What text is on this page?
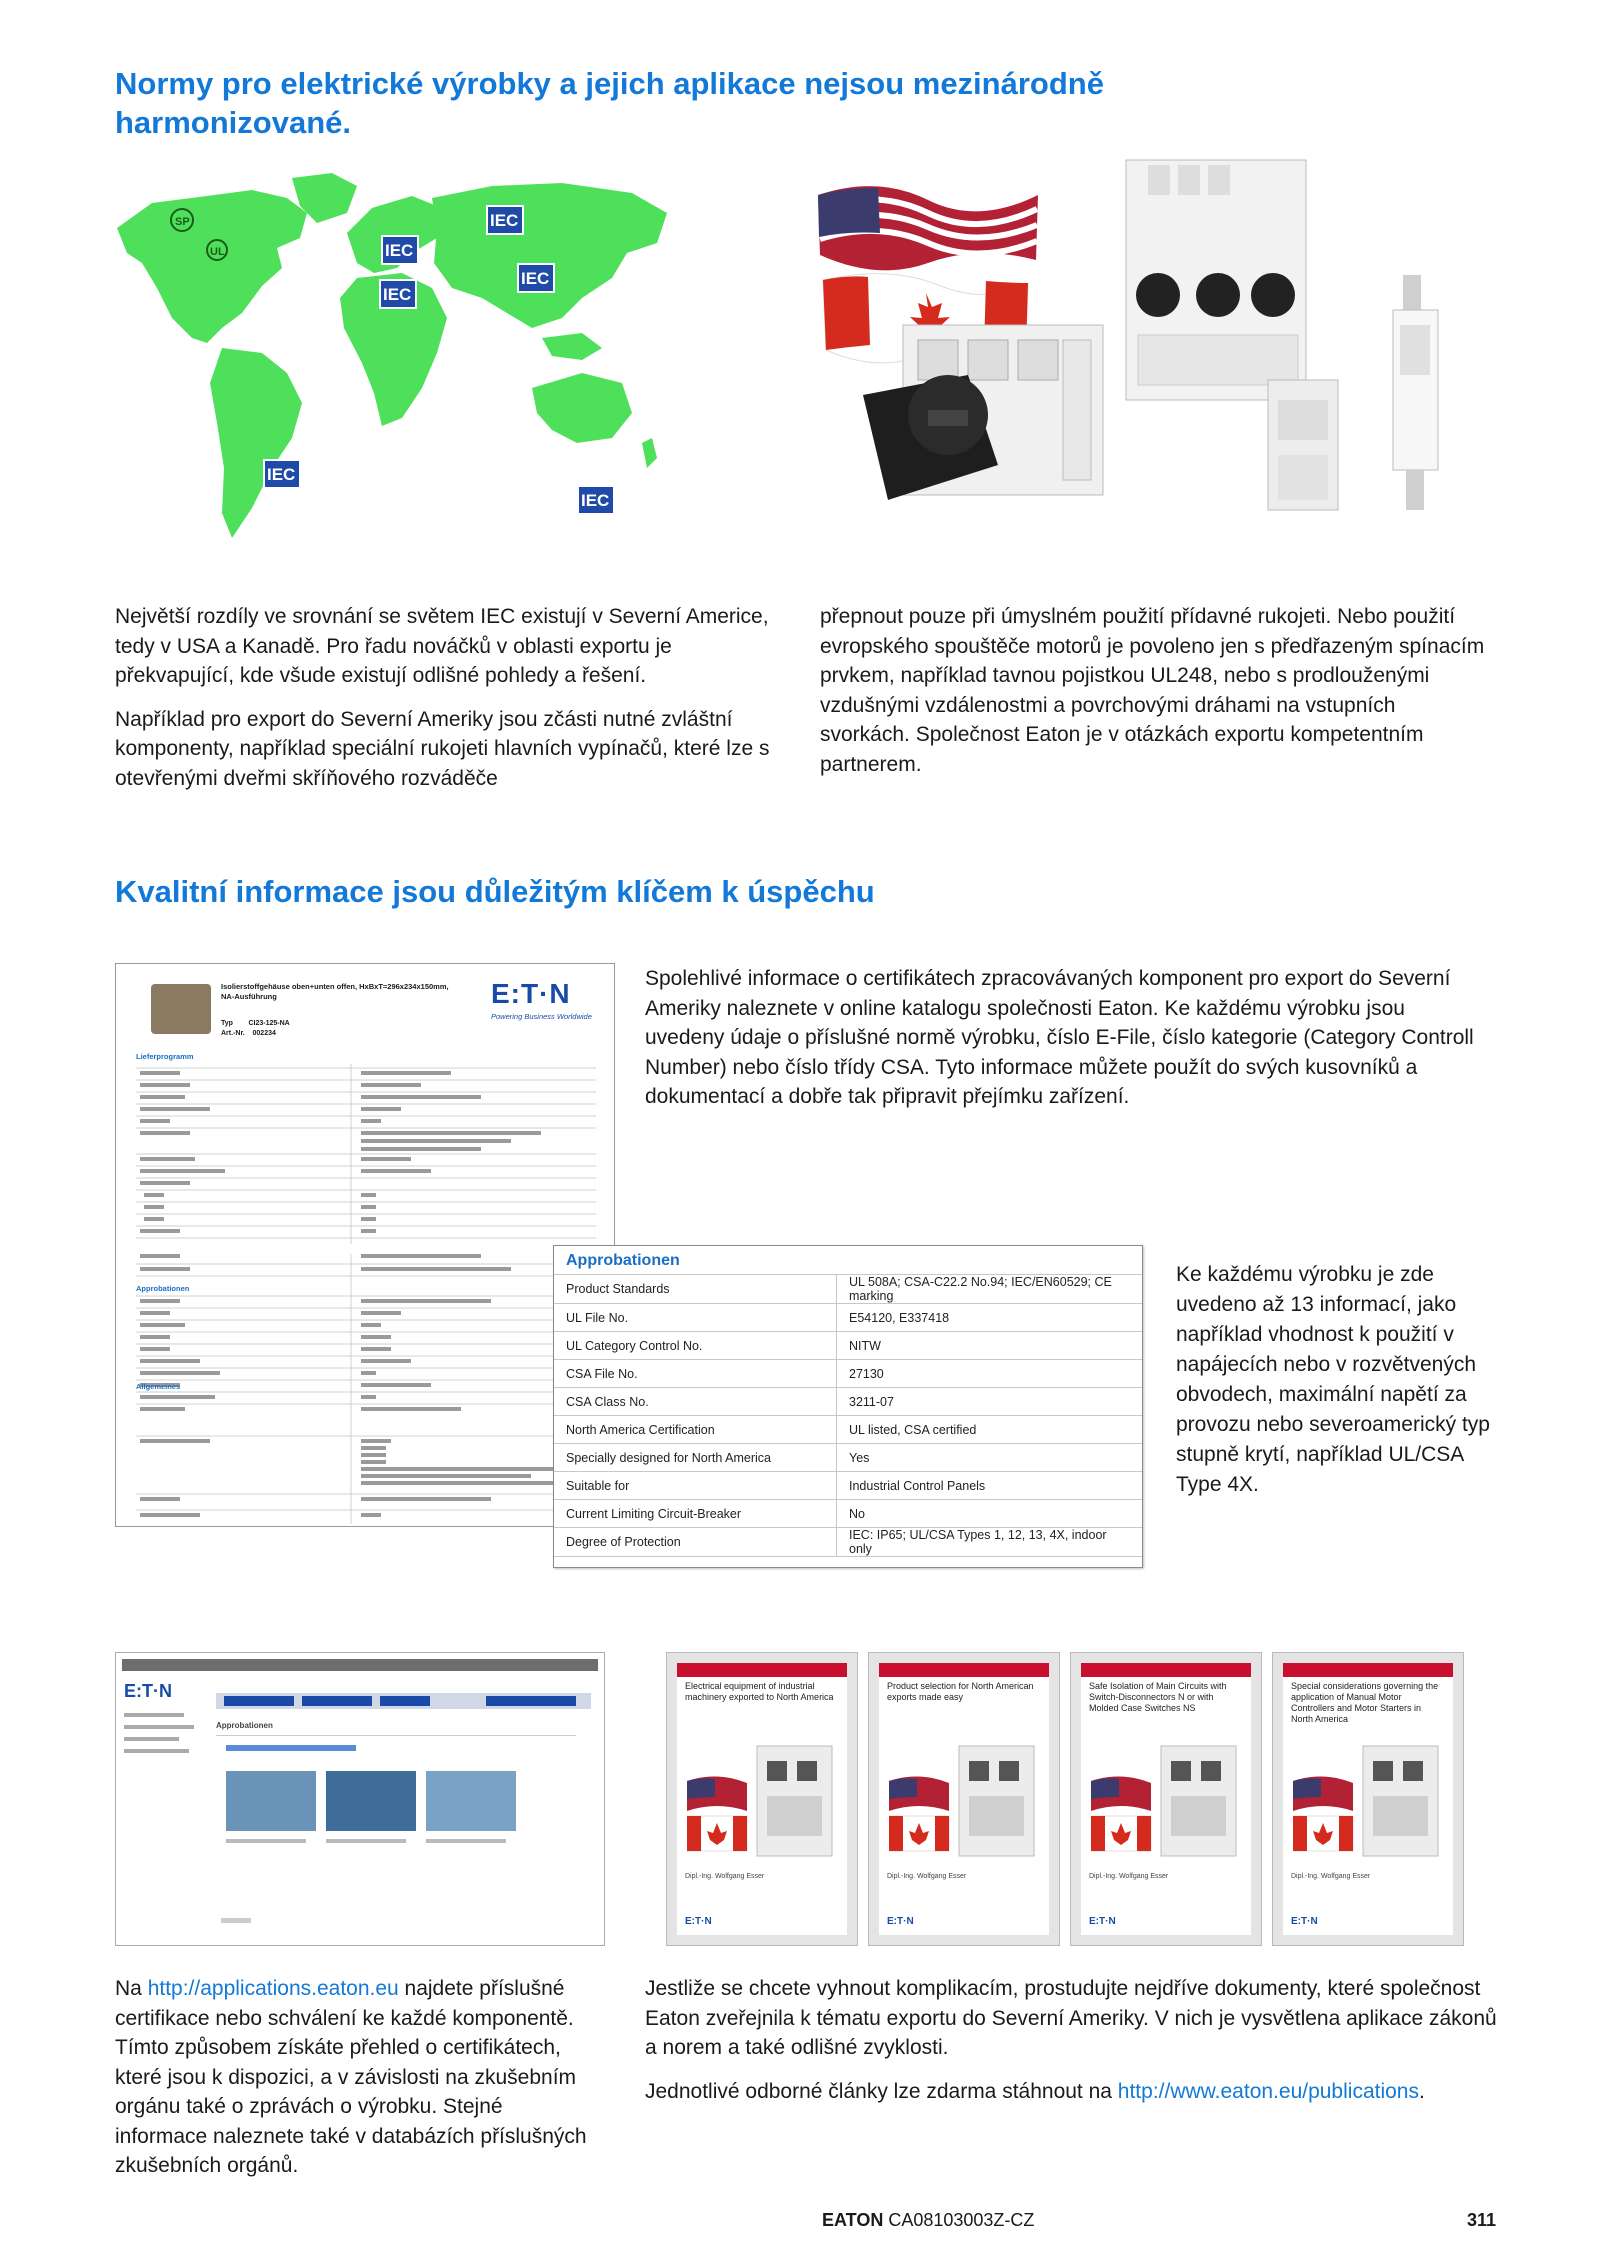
Normy pro elektrické výrobky a jejich aplikace nejsou mezinárodně harmonizované.
SP
UL
IEC
IEC
IEC
IEC
IEC
IEC

Největší rozdíly ve srovnání se světem IEC existují v Severní Americe, tedy v USA a Kanadě. Pro řadu nováčků v oblasti exportu je překvapující, kde všude existují odlišné pohledy a řešení.

Například pro export do Severní Ameriky jsou zčásti nutné zvláštní komponenty, například speciální rukojeti hlavních vypínačů, které lze s otevřenými dveřmi skříňového rozváděče

přepnout pouze při úmyslném použití přídavné rukojeti. Nebo použití evropského spouštěče motorů je povoleno jen s předřazeným spínacím prvkem, například tavnou pojistkou UL248, nebo s prodlouženými vzdušnými vzdálenostmi a povrchovými dráhami na vstupních svorkách. Společnost Eaton je v otázkách exportu kompetentním partnerem.

Kvalitní informace jsou důležitým klíčem k úspěchu
Isolierstoffgehäuse oben+unten offen, HxBxT=296x234x150mm, NA-Ausführung
Typ CI23-125-NA
Art.-Nr. 002234
E:T·N
Powering Business Worldwide
Lieferprogramm
Approbationen
Allgemeines

Spolehlivé informace o certifikátech zpracovávaných komponent pro export do Severní Ameriky naleznete v online katalogu společnosti Eaton. Ke každému výrobku jsou uvedeny údaje o příslušné normě výrobku, číslo E-File, číslo kategorie (Category Controll Number) nebo číslo třídy CSA. Tyto informace můžete použít do svých kusovníků a dokumentací a dobře tak připravit přejímku zařízení.

Approbationen
Product Standards	UL 508A; CSA-C22.2 No.94; IEC/EN60529; CE marking
UL File No.	E54120, E337418
UL Category Control No.	NITW
CSA File No.	27130
CSA Class No.	3211-07
North America Certification	UL listed, CSA certified
Specially designed for North America	Yes
Suitable for	Industrial Control Panels
Current Limiting Circuit-Breaker	No
Degree of Protection	IEC: IP65; UL/CSA Types 1, 12, 13, 4X, indoor only

Ke každému výrobku je zde uvedeno až 13 informací, jako například vhodnost k použití v napájecích nebo v rozvětvených obvodech, maximální napětí za provozu nebo severoamerický typ stupně krytí, například UL/CSA Type 4X.

E:T·N
Approbationen
Electrical equipment of industrial machinery exported to North America
Dipl.-Ing. Wolfgang Esser
E:T·N
Product selection for North American exports made easy
Dipl.-Ing. Wolfgang Esser
E:T·N
Safe Isolation of Main Circuits with Switch-Disconnectors N or with Molded Case Switches NS
Dipl.-Ing. Wolfgang Esser
E:T·N
Special considerations governing the application of Manual Motor Controllers and Motor Starters in North America
Dipl.-Ing. Wolfgang Esser
E:T·N

Na http://applications.eaton.eu najdete příslušné certifikace nebo schválení ke každé komponentě. Tímto způsobem získáte přehled o certifikátech, které jsou k dispozici, a v závislosti na zkušebním orgánu také o zprávách o výrobku. Stejné informace naleznete také v databázích příslušných zkušebních orgánů.

Jestliže se chcete vyhnout komplikacím, prostudujte nejdříve dokumenty, které společnost Eaton zveřejnila k tématu exportu do Severní Ameriky. V nich je vysvětlena aplikace zákonů a norem a také odlišné zvyklosti.

Jednotlivé odborné články lze zdarma stáhnout na http://www.eaton.eu/publications.

EATON CA08103003Z-CZ	311
